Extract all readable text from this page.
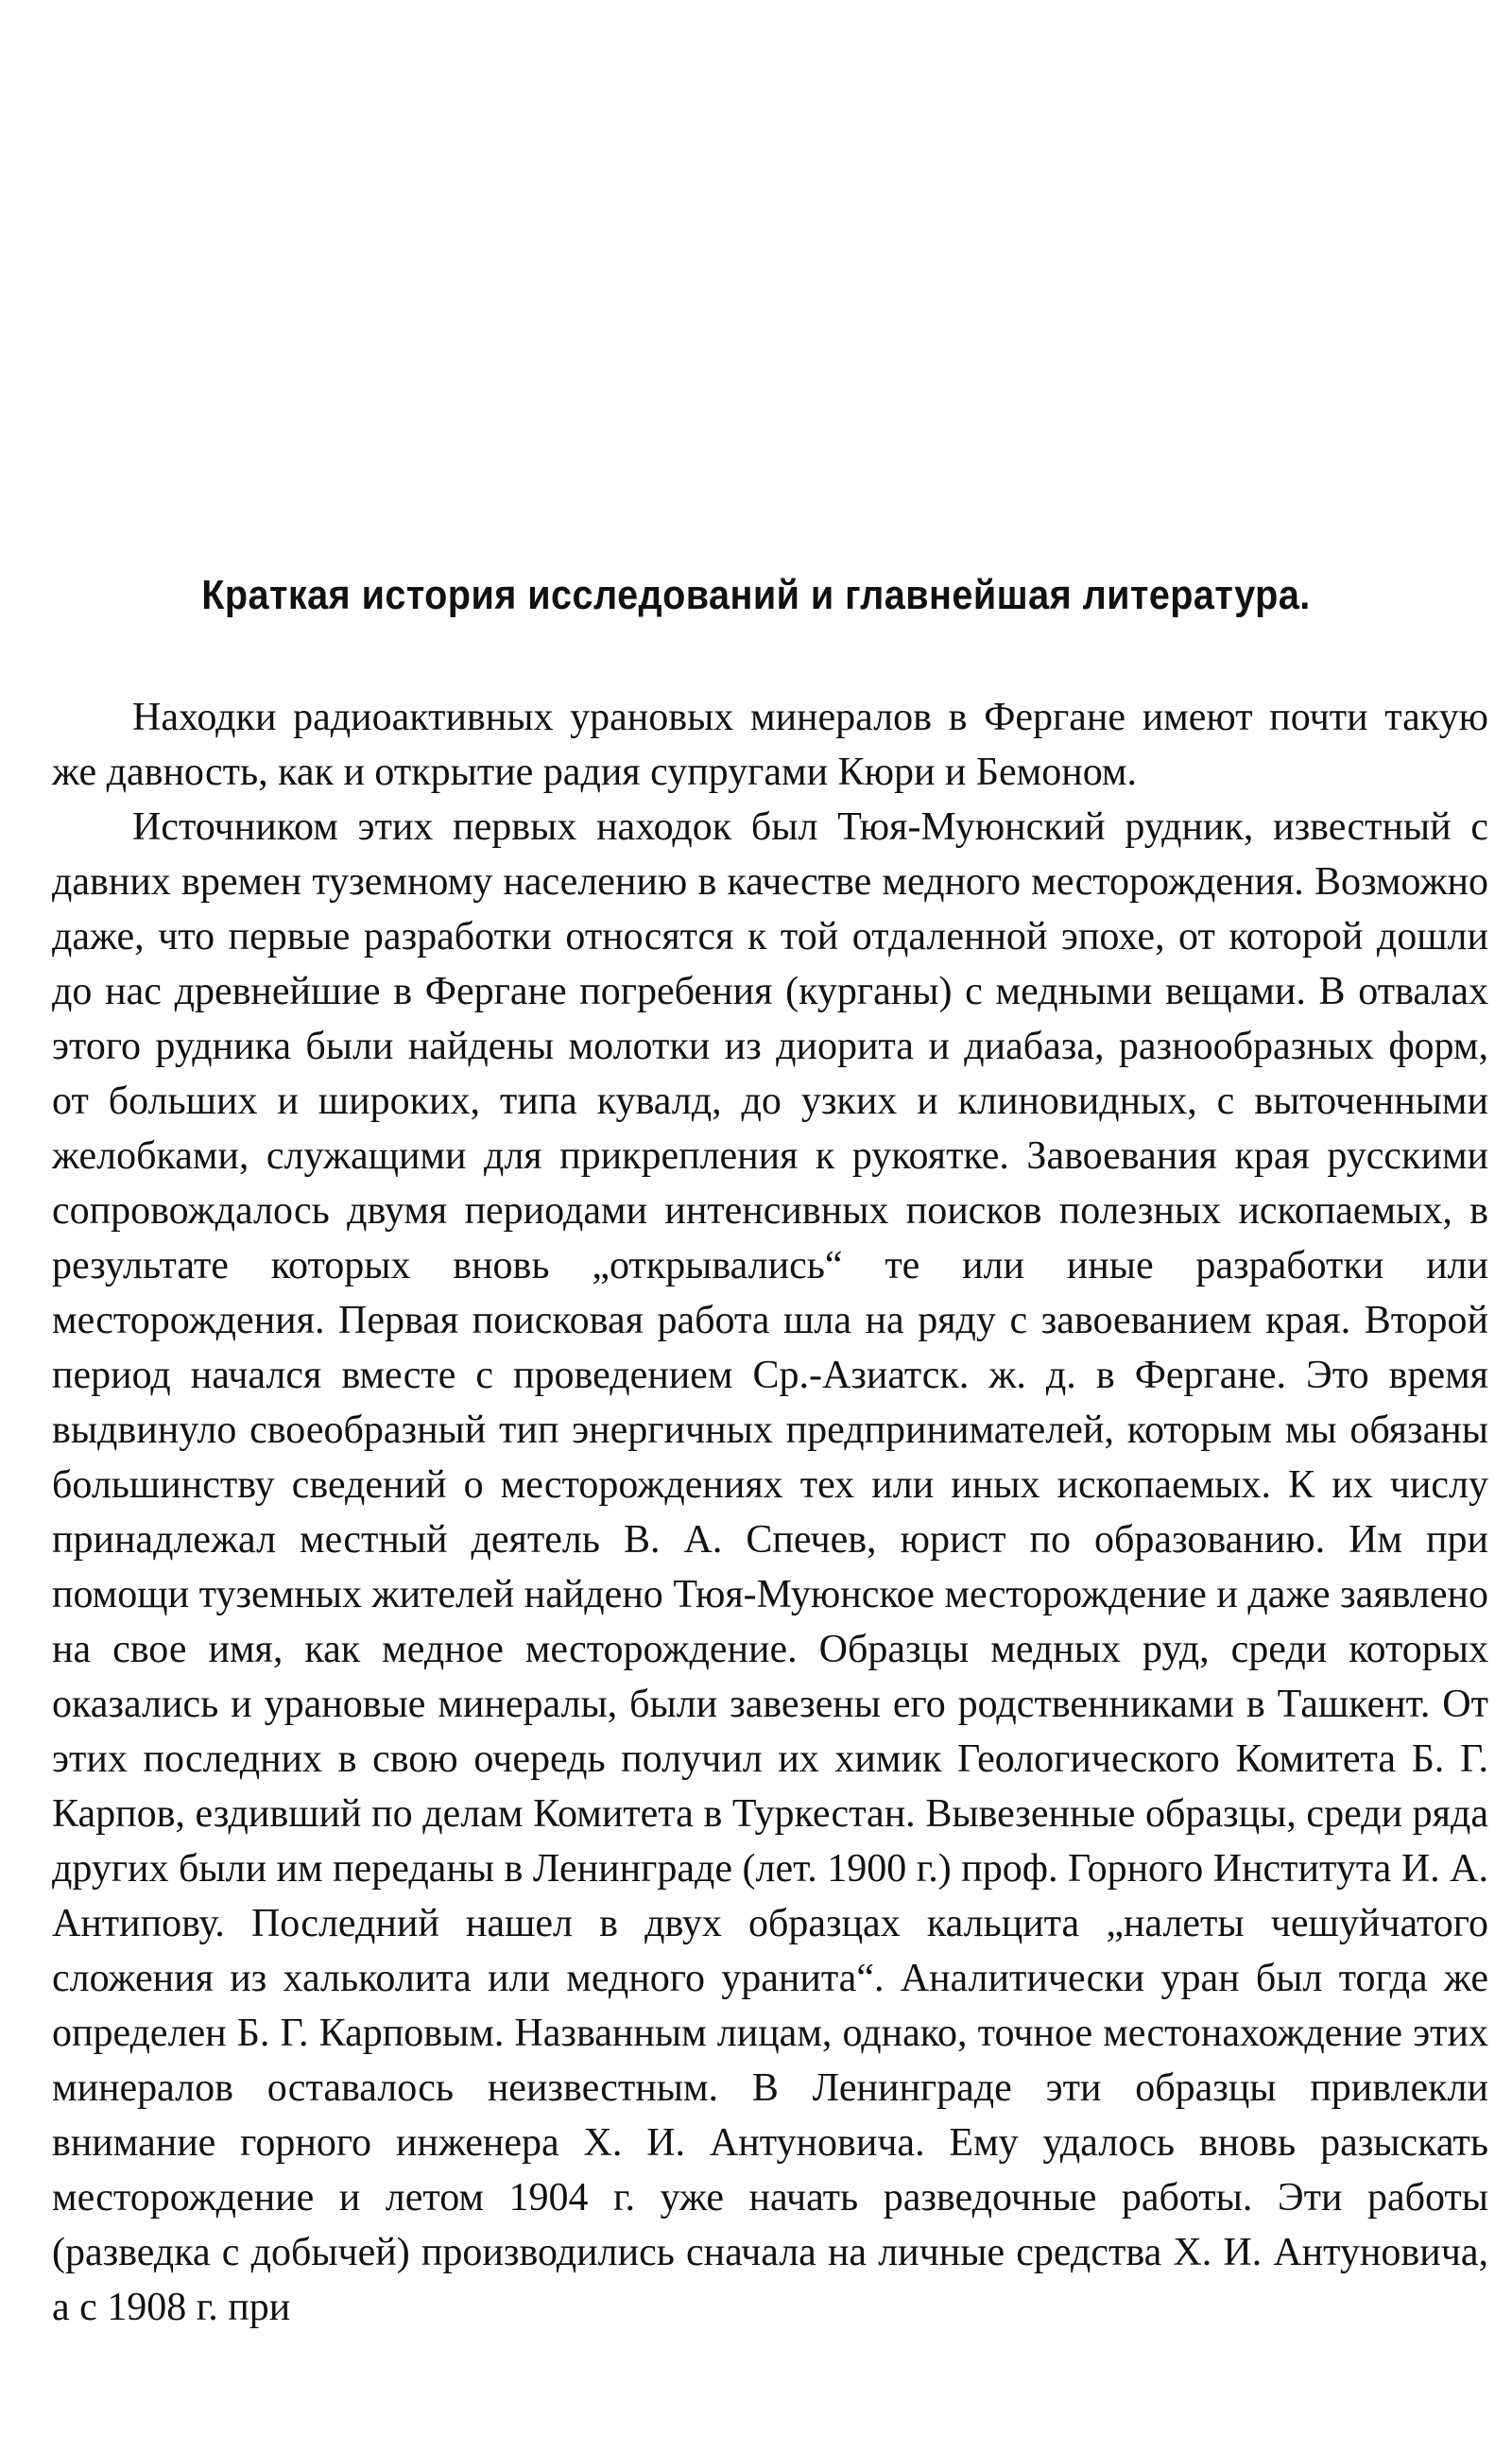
Краткая история исследований и главнейшая литература.

Находки радиоактивных урановых минералов в Фергане имеют почти такую же давность, как и открытие радия супругами Кюри и Бемоном.

Источником этих первых находок был Тюя-Муюнский рудник, известный с давних времен туземному населению в качестве медного месторождения. Возможно даже, что первые разработки относятся к той отдаленной эпохе, от которой дошли до нас древнейшие в Фергане погребения (курганы) с медными вещами. В отвалах этого рудника были найдены молотки из диорита и диабаза, разнообразных форм, от больших и широких, типа кувалд, до узких и клиновидных, с выточенными желобками, служащими для прикрепления к рукоятке. Завоевания края русскими сопровождалось двумя периодами интенсивных поисков полезных ископаемых, в результате которых вновь „открывались“ те или иные разработки или месторождения. Первая поисковая работа шла на ряду с завоеванием края. Второй период начался вместе с проведением Ср.-Азиатск. ж. д. в Фергане. Это время выдвинуло своеобразный тип энергичных предпринимателей, которым мы обязаны большинству сведений о месторождениях тех или иных ископаемых. К их числу принадлежал местный деятель В. А. Спечев, юрист по образованию. Им при помощи туземных жителей найдено Тюя-Муюнское месторождение и даже заявлено на свое имя, как медное месторождение. Образцы медных руд, среди которых оказались и урановые минералы, были завезены его родственниками в Ташкент. От этих последних в свою очередь получил их химик Геологического Комитета Б. Г. Карпов, ездивший по делам Комитета в Туркестан. Вывезенные образцы, среди ряда других были им переданы в Ленинграде (лет. 1900 г.) проф. Горного Института И. А. Антипову. Последний нашел в двух образцах кальцита „налеты чешуйчатого сложения из хальколита или медного уранита“. Аналитически уран был тогда же определен Б. Г. Карповым. Названным лицам, однако, точное местонахождение этих минералов оставалось неизвестным. В Ленинграде эти образцы привлекли внимание горного инженера Х. И. Антуновича. Ему удалось вновь разыскать месторождение и летом 1904 г. уже начать разведочные работы. Эти работы (разведка с добычей) производились сначала на личные средства Х. И. Антуновича, а с 1908 г. при
